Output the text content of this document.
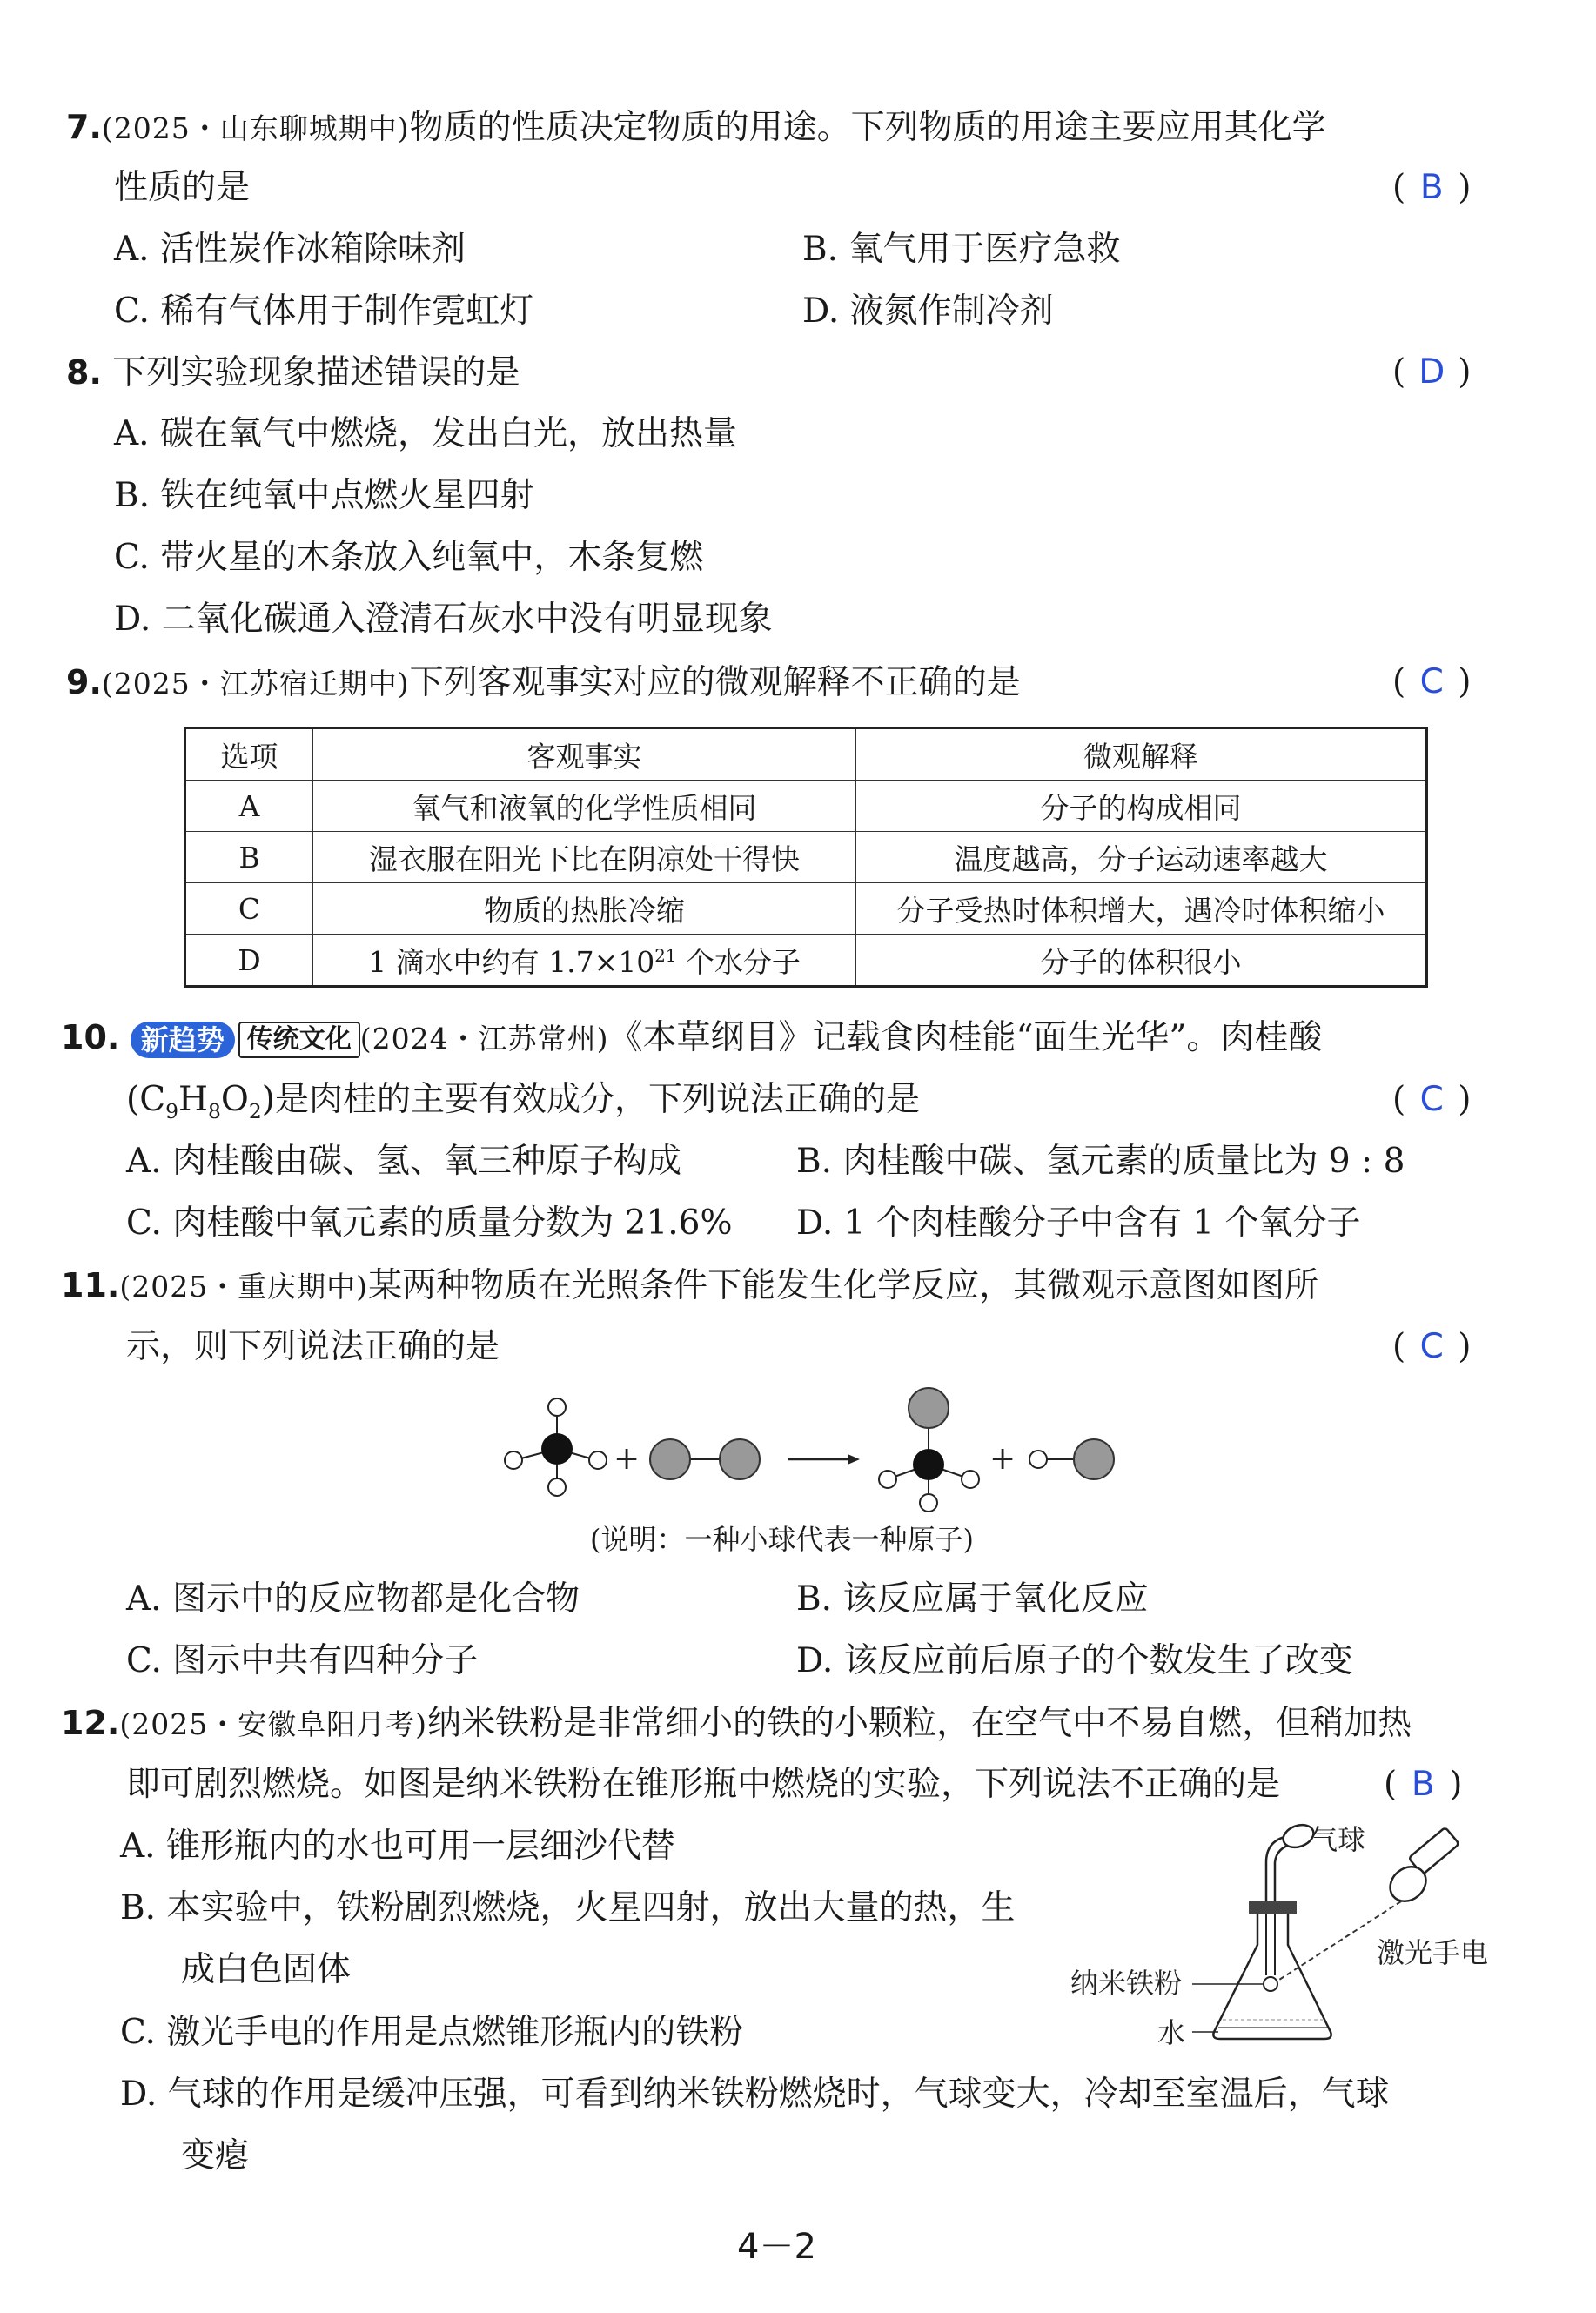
7.(2025・山东聊城期中)物质的性质决定物质的用途。下列物质的用途主要应用其化学
性质的是	( B )
A. 活性炭作冰箱除味剂	B. 氧气用于医疗急救
C. 稀有气体用于制作霓虹灯	D. 液氮作制冷剂
8. 下列实验现象描述错误的是	( D )
A. 碳在氧气中燃烧，发出白光，放出热量
B. 铁在纯氧中点燃火星四射
C. 带火星的木条放入纯氧中，木条复燃
D. 二氧化碳通入澄清石灰水中没有明显现象
9.(2025・江苏宿迁期中)下列客观事实对应的微观解释不正确的是	( C )
选项	客观事实	微观解释
A	氧气和液氧的化学性质相同	分子的构成相同
B	湿衣服在阳光下比在阴凉处干得快	温度越高，分子运动速率越大
C	物质的热胀冷缩	分子受热时体积增大，遇冷时体积缩小
D	1 滴水中约有 $1.7\times 10^{21}$ 个水分子	分子的体积很小
10. 新趋势 传统文化 (2024・江苏常州)《本草纲目》记载食肉桂能“面生光华”。肉桂酸
$(C_9H_8O_2)$是肉桂的主要有效成分，下列说法正确的是	( C )
A. 肉桂酸由碳、氢、氧三种原子构成	B. 肉桂酸中碳、氢元素的质量比为 9 : 8
C. 肉桂酸中氧元素的质量分数为 21.6% D. 1 个肉桂酸分子中含有 1 个氧分子
11.(2025・重庆期中)某两种物质在光照条件下能发生化学反应，其微观示意图如图所
示，则下列说法正确的是	( C )
+	+
(说明：一种小球代表一种原子)
A. 图示中的反应物都是化合物	B. 该反应属于氧化反应
C. 图示中共有四种分子	D. 该反应前后原子的个数发生了改变
12.(2025・安徽阜阳月考)纳米铁粉是非常细小的铁的小颗粒，在空气中不易自燃，但稍加热
即可剧烈燃烧。如图是纳米铁粉在锥形瓶中燃烧的实验，下列说法不正确的是	( B )
A. 锥形瓶内的水也可用一层细沙代替
B. 本实验中，铁粉剧烈燃烧，火星四射，放出大量的热，生
成白色固体
C. 激光手电的作用是点燃锥形瓶内的铁粉
D. 气球的作用是缓冲压强，可看到纳米铁粉燃烧时，气球变大，冷却至室温后，气球
变瘪
气球
激光手电
纳米铁粉
水
4－2
